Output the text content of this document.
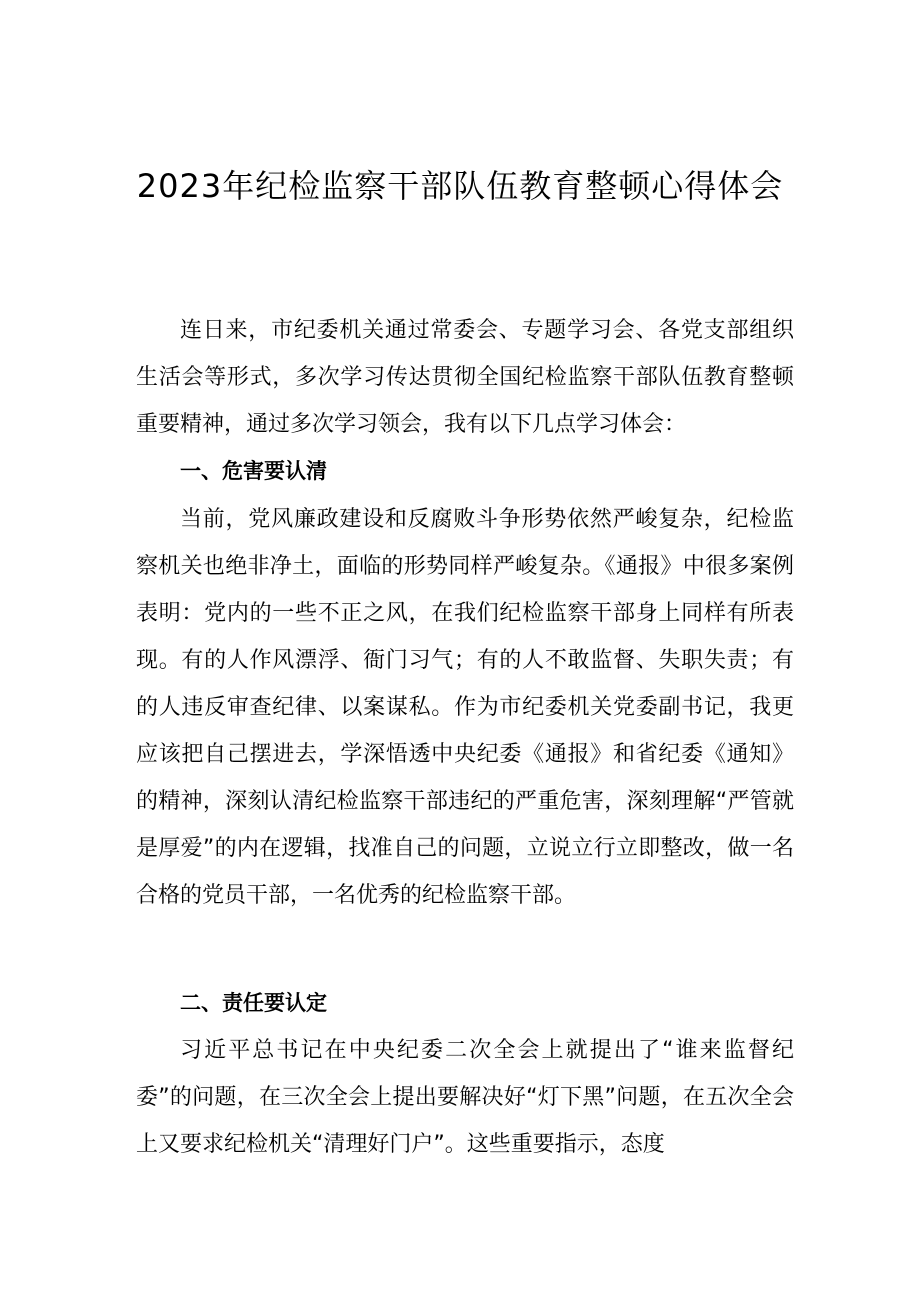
2023年纪检监察干部队伍教育整顿心得体会

连日来，市纪委机关通过常委会、专题学习会、各党支部组织生活会等形式，多次学习传达贯彻全国纪检监察干部队伍教育整顿重要精神，通过多次学习领会，我有以下几点学习体会：

一、危害要认清

当前，党风廉政建设和反腐败斗争形势依然严峻复杂，纪检监察机关也绝非净土，面临的形势同样严峻复杂。《通报》中很多案例表明：党内的一些不正之风，在我们纪检监察干部身上同样有所表现。有的人作风漂浮、衙门习气；有的人不敢监督、失职失责；有的人违反审查纪律、以案谋私。作为市纪委机关党委副书记，我更应该把自己摆进去，学深悟透中央纪委《通报》和省纪委《通知》的精神，深刻认清纪检监察干部违纪的严重危害，深刻理解“严管就是厚爱”的内在逻辑，找准自己的问题，立说立行立即整改，做一名合格的党员干部，一名优秀的纪检监察干部。

二、责任要认定

习近平总书记在中央纪委二次全会上就提出了“谁来监督纪委”的问题，在三次全会上提出要解决好“灯下黑”问题，在五次全会上又要求纪检机关“清理好门户”。这些重要指示，态度
